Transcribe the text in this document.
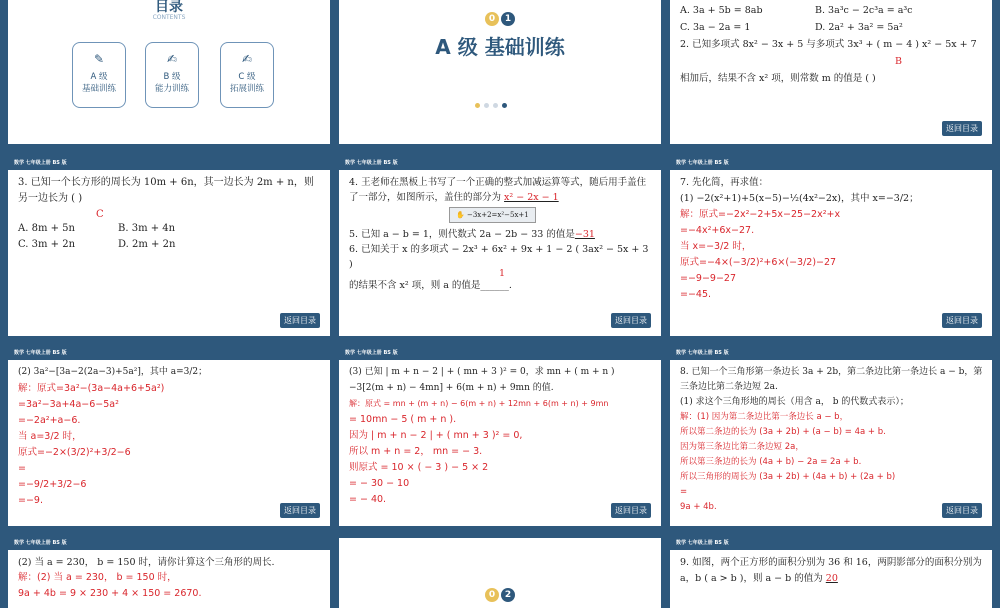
目录
CONTENTS
✎
A 级
基础训练
✍
B 级
能力训练
✍
C 级
拓展训练
0	1
A 级 基础训练
A. 3a + 5b = 8ab	B. 3a³c − 2c³a = a³c
C. 3a − 2a = 1	D. 2a² + 3a² = 5a²
2. 已知多项式 8x² − 3x + 5 与多项式 3x³ + ( m − 4 ) x² − 5x + 7
B
相加后，结果不含 x² 项，则常数 m 的值是 ( )
返回目录
数学 七年级上册 BS 版
3. 已知一个长方形的周长为 10m + 6n，其一边长为 2m + n，则另一边长为 ( )
C
A. 8m + 5n	B. 3m + 4n
C. 3m + 2n	D. 2m + 2n
返回目录
数学 七年级上册 BS 版
4. 王老师在黑板上书写了一个正确的整式加减运算等式，随后用手盖住了一部分，如图所示，盖住的部分为 x² − 2x − 1
✋ −3x+2=x²−5x+1
5. 已知 a − b = 1，则代数式 2a − 2b − 33 的值是−31
6. 已知关于 x 的多项式 − 2x³ + 6x² + 9x + 1 − 2 ( 3ax² − 5x + 3 )
1
的结果不含 x² 项，则 a 的值是______.
返回目录
数学 七年级上册 BS 版
7. 先化简，再求值：
(1) −2(x²+1)+5(x−5)−½(4x²−2x)，其中 x=−3/2；
解：原式=−2x²−2+5x−25−2x²+x
=−4x²+6x−27.
当 x=−3/2 时，
原式=−4×(−3/2)²+6×(−3/2)−27
=−9−9−27
=−45.
返回目录
数学 七年级上册 BS 版
(2) 3a²−[3a−2(2a−3)+5a²]，其中 a=3/2；
解：原式=3a²−(3a−4a+6+5a²)
=3a²−3a+4a−6−5a²
=−2a²+a−6.
当 a=3/2 时，
原式=−2×(3/2)²+3/2−6
=
=−9/2+3/2−6
=−9.
返回目录
数学 七年级上册 BS 版
(3) 已知 | m + n − 2 | + ( mn + 3 )² = 0，求 mn + ( m + n )
−3[2(m + n) − 4mn] + 6(m + n) + 9mn 的值.
解：原式 = mn + (m + n) − 6(m + n) + 12mn + 6(m + n) + 9mn
= 10mn − 5 ( m + n ).
因为 | m + n − 2 | + ( mn + 3 )² = 0,
所以 m + n = 2， mn = − 3.
则原式 = 10 × ( − 3 ) − 5 × 2
= − 30 − 10
= − 40.
返回目录
数学 七年级上册 BS 版
8. 已知一个三角形第一条边长 3a + 2b，第二条边比第一条边长 a − b，第三条边比第二条边短 2a.
(1) 求这个三角形地的周长（用含 a， b 的代数式表示）；
解：(1) 因为第二条边比第一条边长 a − b，
所以第二条边的长为 (3a + 2b) + (a − b) = 4a + b.
因为第三条边比第二条边短 2a，
所以第三条边的长为 (4a + b) − 2a = 2a + b.
所以三角形的周长为 (3a + 2b) + (4a + b) + (2a + b)
=
9a + 4b.	返回目录
数学 七年级上册 BS 版
(2) 当 a = 230， b = 150 时，请你计算这个三角形的周长.
解：(2) 当 a = 230， b = 150 时，
9a + 4b = 9 × 230 + 4 × 150 = 2670.	0	2
数学 七年级上册 BS 版
9. 如图，两个正方形的面积分别为 36 和 16，两阴影部分的面积分别为 a，b ( a > b )，则 a − b 的值为 20
